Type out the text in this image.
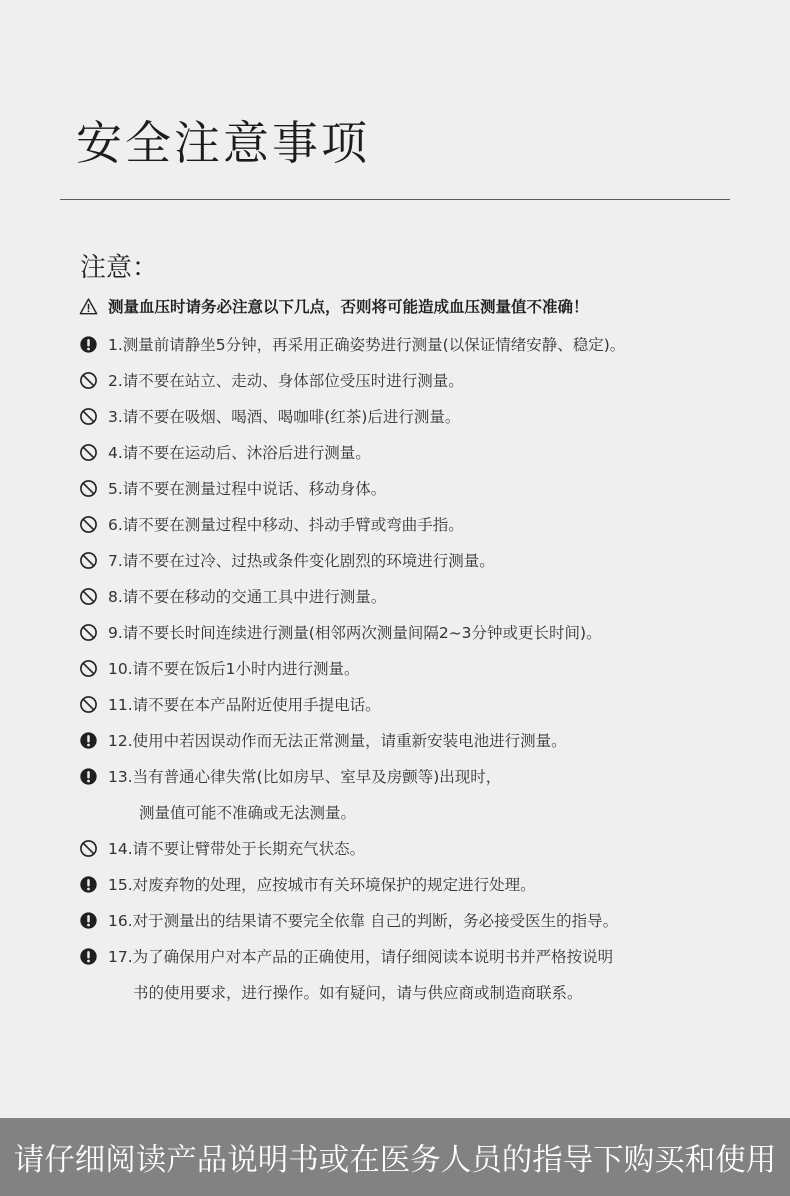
安全注意事项
注意：
测量血压时请务必注意以下几点，否则将可能造成血压测量值不准确！
1.测量前请静坐5分钟，再采用正确姿势进行测量(以保证情绪安静、稳定)。
2.请不要在站立、走动、身体部位受压时进行测量。
3.请不要在吸烟、喝酒、喝咖啡(红茶)后进行测量。
4.请不要在运动后、沐浴后进行测量。
5.请不要在测量过程中说话、移动身体。
6.请不要在测量过程中移动、抖动手臂或弯曲手指。
7.请不要在过冷、过热或条件变化剧烈的环境进行测量。
8.请不要在移动的交通工具中进行测量。
9.请不要长时间连续进行测量(相邻两次测量间隔2~3分钟或更长时间)。
10.请不要在饭后1小时内进行测量。
11.请不要在本产品附近使用手提电话。
12.使用中若因误动作而无法正常测量，请重新安装电池进行测量。
13.当有普通心律失常(比如房早、室早及房颤等)出现时，
测量值可能不准确或无法测量。
14.请不要让臂带处于长期充气状态。
15.对废弃物的处理，应按城市有关环境保护的规定进行处理。
16.对于测量出的结果请不要完全依靠 自己的判断，务必接受医生的指导。
17.为了确保用户对本产品的正确使用，请仔细阅读本说明书并严格按说明
书的使用要求，进行操作。如有疑问，请与供应商或制造商联系。
请仔细阅读产品说明书或在医务人员的指导下购买和使用
